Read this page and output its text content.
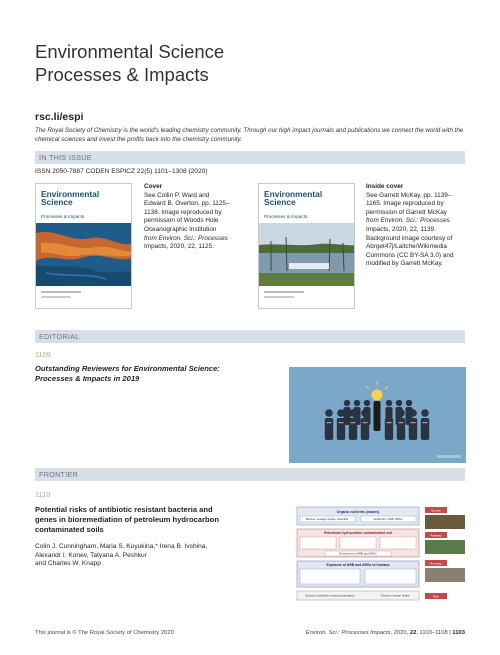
Environmental Science
Processes & Impacts
rsc.li/espi
The Royal Society of Chemistry is the world's leading chemistry community. Through our high impact journals and publications we connect the world with the chemical sciences and invest the profits back into the chemistry community.
IN THIS ISSUE
ISSN 2050-7887 CODEN ESPICZ 22(5) 1101–1308 (2020)
Environmental
Science
Processes & Impacts
Cover
See Collin P. Ward and
Edward B. Overton, pp. 1125–
1138. Image reproduced by
permission of Woods Hole
Oceanographic Institution
from Environ. Sci.: Processes
Impacts, 2020, 22, 1125.
Environmental
Science
Processes & Impacts
Inside cover
See Garrett McKay, pp. 1139–
1165. Image reproduced by
permission of Garrett McKay
from Environ. Sci.: Processes
Impacts, 2020, 22, 1139.
Background image courtesy of
Abrget47j/Laitche/Wikimedia
Commons (CC BY-SA 3.0) and
modified by Garrett McKay.
EDITORIAL
1109
Outstanding Reviewers for Environmental Science:
Processes & Impacts in 2019
FRONTIER
1110
Potential risks of antibiotic resistant bacteria and
genes in bioremediation of petroleum hydrocarbon
contaminated soils
Colin J. Cunningham, Maria S. Kuyukina,* Irena B. Ivshina,
Alexandr I. Konev, Tatyana A. Peshkur
and Charles W. Knapp
Organic nutrients (wastes)
Manure, sewage sludge, biosolids	Antibiotics, ARB, ARGs
Petroleum hydrocarbon contaminated soil
Enrichment of ARB and ARGs
Exposure of ARB and ARGs to humans
Spread of antibiotic resistant pathogens	Threat to human health
Source
Pathway
Receptor
Risk
This journal is © The Royal Society of Chemistry 2020	Environ. Sci.: Processes Impacts, 2020, 22, 1103–1108 | 1103
